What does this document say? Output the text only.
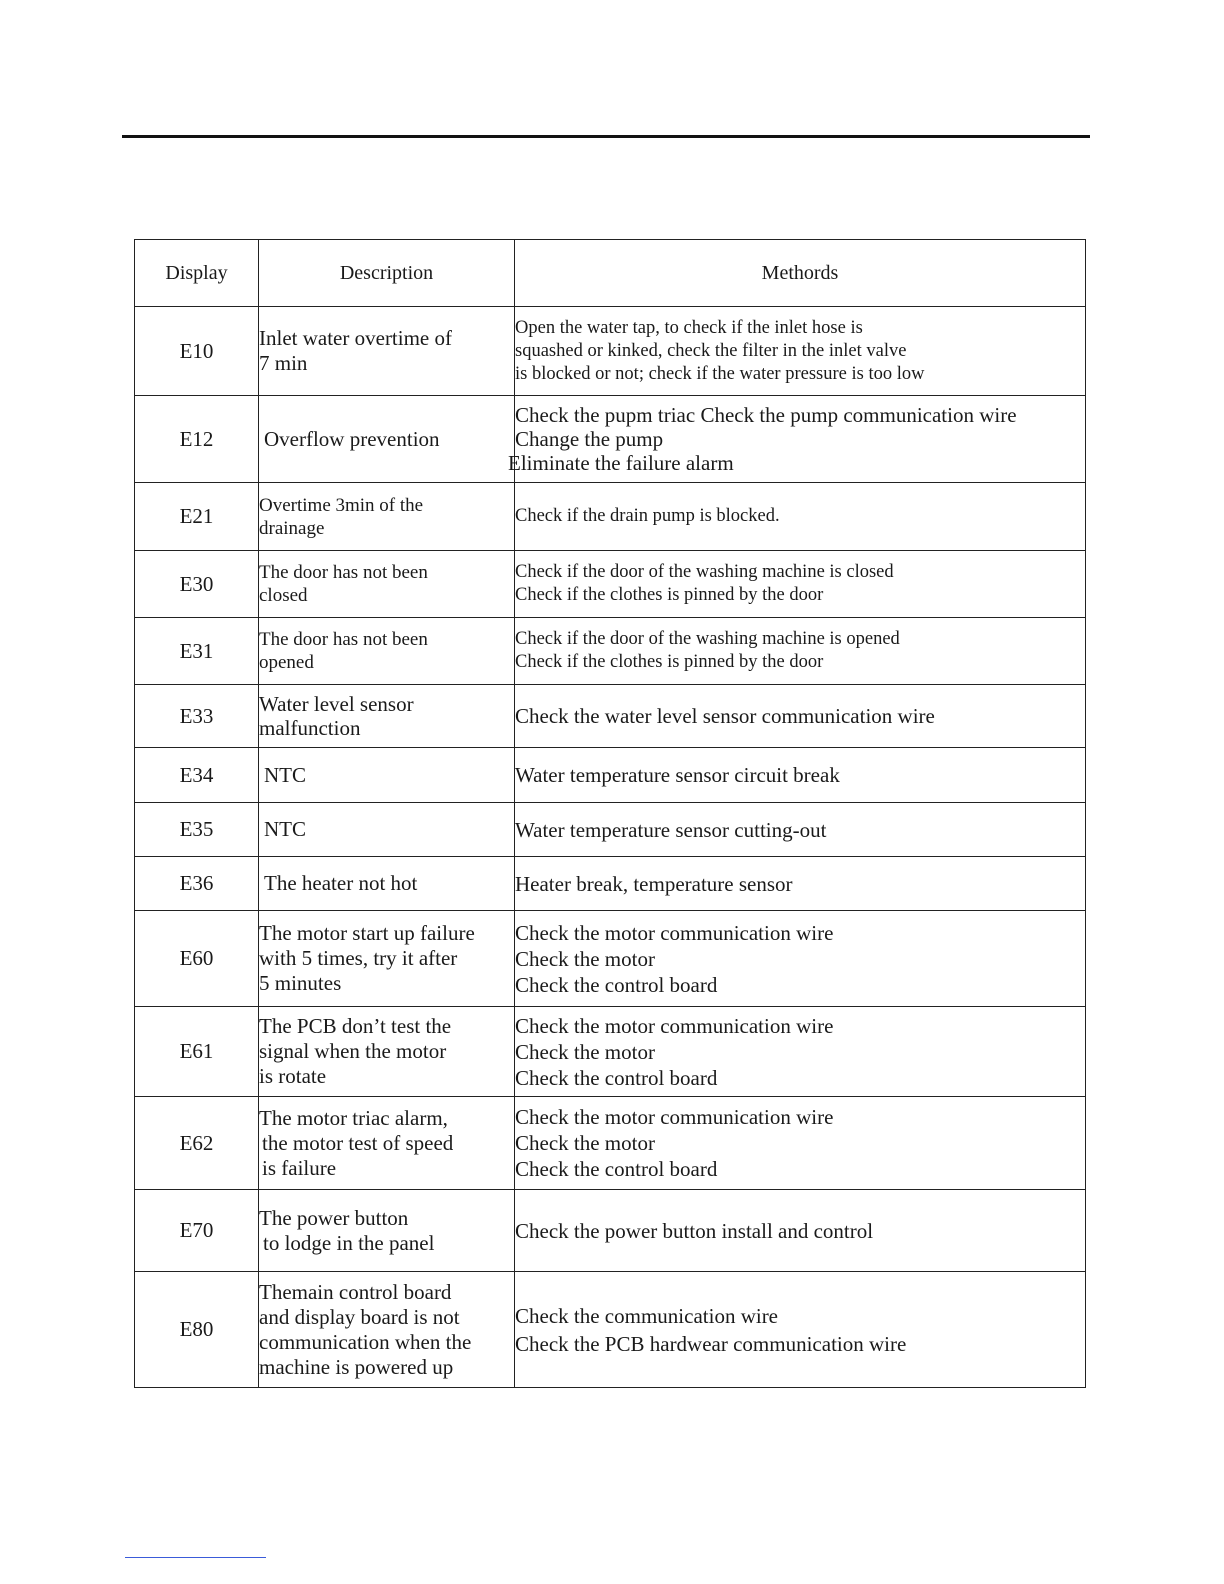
Display	Description	Methords
E10	Inlet water overtime of
7 min	Open the water tap, to check if the inlet hose is
squashed or kinked, check the filter in the inlet valve
is blocked or not; check if the water pressure is too low

E12	Overflow prevention	Check the pupm triac Check the pump communication wire
Change the pump
Eliminate the failure alarm

E21	Overtime 3min of the
drainage	Check if the drain pump is blocked.

E30	The door has not been
closed	Check if the door of the washing machine is closed
Check if the clothes is pinned by the door

E31	The door has not been
opened	Check if the door of the washing machine is opened
Check if the clothes is pinned by the door

E33	Water level sensor
malfunction	Check the water level sensor communication wire

E34	NTC	Water temperature sensor circuit break

E35	NTC	Water temperature sensor cutting-out

E36	The heater not hot	Heater break, temperature sensor

E60	The motor start up failure
with 5 times, try it after
5 minutes	Check the motor communication wire
Check the motor
Check the control board

E61	The PCB don’t test the
signal when the motor
is rotate	Check the motor communication wire
Check the motor
Check the control board

E62	The motor triac alarm,
the motor test of speed
is failure	Check the motor communication wire
Check the motor
Check the control board

E70	The power button
to lodge in the panel	Check the power button install and control

E80	Themain control board
and display board is not
communication when the
machine is powered up	Check the communication wire
Check the PCB hardwear communication wire
